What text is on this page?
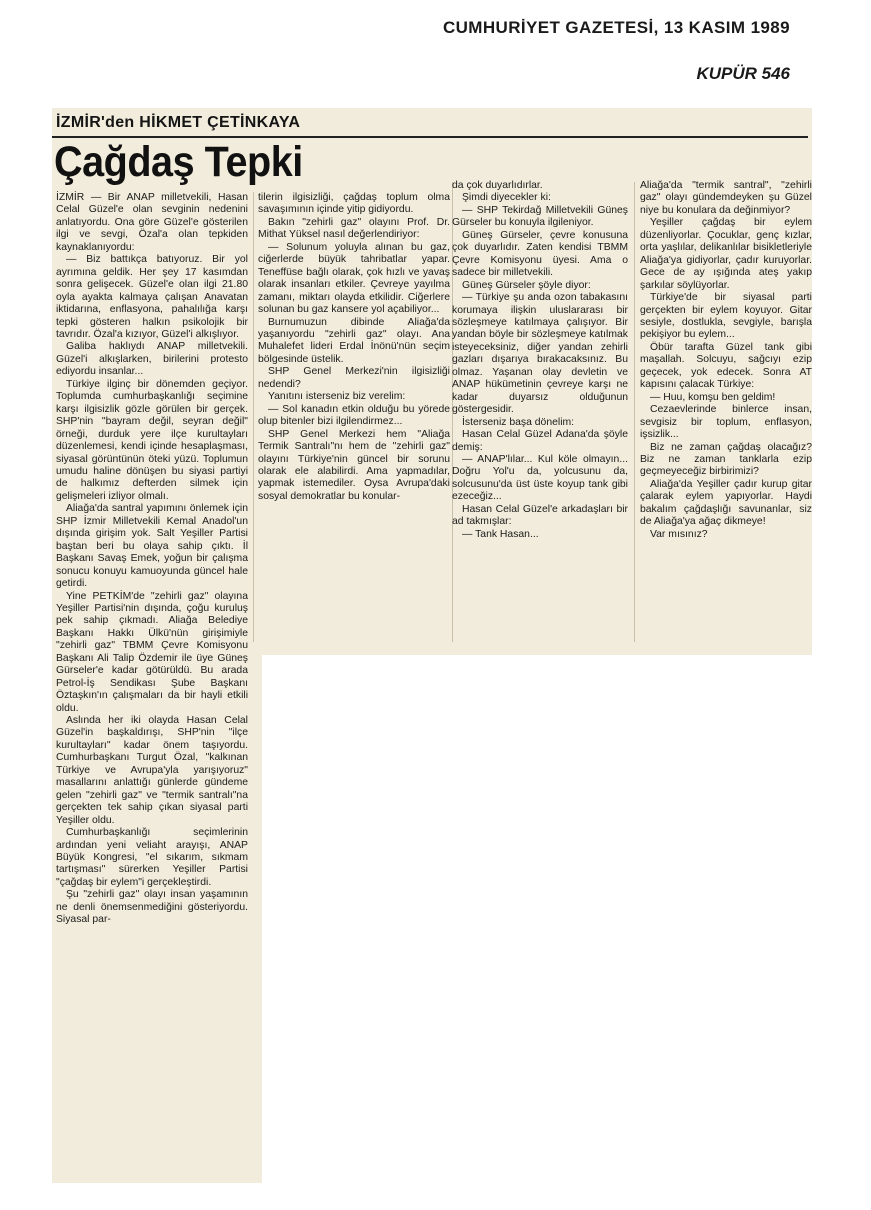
CUMHURİYET GAZETESİ, 13 KASIM 1989
KUPÜR 546
İZMİR'den HİKMET ÇETİNKAYA
Çağdaş Tepki

İZMİR — Bir ANAP milletvekili, Hasan Celal Güzel'e olan sevginin nedenini anlatıyordu. Ona göre Güzel'e gösterilen ilgi ve sevgi, Özal'a olan tepkiden kaynaklanıyordu:

— Biz battıkça batıyoruz. Bir yol ayrımına geldik. Her şey 17 kasımdan sonra gelişecek. Güzel'e olan ilgi 21.80 oyla ayakta kalmaya çalışan Anavatan iktidarına, enflasyona, pahalılığa karşı tepki gösteren halkın psikolojik bir tavrıdır. Özal'a kızıyor, Güzel'i alkışlıyor.

Galiba haklıydı ANAP milletvekili. Güzel'i alkışlarken, birilerini protesto ediyordu insanlar...

Türkiye ilginç bir dönemden geçiyor. Toplumda cumhurbaşkanlığı seçimine karşı ilgisizlik gözle görülen bir gerçek. SHP'nin "bayram değil, seyran değil" örneği, durduk yere ilçe kurultayları düzenlemesi, kendi içinde hesaplaşması, siyasal görüntünün öteki yüzü. Toplumun umudu haline dönüşen bu siyasi partiyi de halkımız defterden silmek için gelişmeleri izliyor olmalı.

Aliağa'da santral yapımını önlemek için SHP İzmir Milletvekili Kemal Anadol'un dışında girişim yok. Salt Yeşiller Partisi baştan beri bu olaya sahip çıktı. İl Başkanı Savaş Emek, yoğun bir çalışma sonucu konuyu kamuoyunda güncel hale getirdi.

Yine PETKİM'de "zehirli gaz" olayına Yeşiller Partisi'nin dışında, çoğu kuruluş pek sahip çıkmadı. Aliağa Belediye Başkanı Hakkı Ülkü'nün girişimiyle "zehirli gaz" TBMM Çevre Komisyonu Başkanı Ali Talip Özdemir ile üye Güneş Gürseler'e kadar götürüldü. Bu arada Petrol-İş Sendikası Şube Başkanı Öztaşkın'ın çalışmaları da bir hayli etkili oldu.

Aslında her iki olayda Hasan Celal Güzel'in başkaldırışı, SHP'nin "ilçe kurultayları" kadar önem taşıyordu. Cumhurbaşkanı Turgut Özal, "kalkınan Türkiye ve Avrupa'yla yarışıyoruz" masallarını anlattığı günlerde gündeme gelen "zehirli gaz" ve "termik santralı"na gerçekten tek sahip çıkan siyasal parti Yeşiller oldu.

Cumhurbaşkanlığı seçimlerinin ardından yeni veliaht arayışı, ANAP Büyük Kongresi, "el sıkarım, sıkmam tartışması" sürerken Yeşiller Partisi "çağdaş bir eylem"i gerçekleştirdi.

Şu "zehirli gaz" olayı insan yaşamının ne denli önemsenmediğini gösteriyordu. Siyasal par-

tilerin ilgisizliği, çağdaş toplum olma savaşımının içinde yitip gidiyordu.

Bakın "zehirli gaz" olayını Prof. Dr. Mithat Yüksel nasıl değerlendiriyor:

— Solunum yoluyla alınan bu gaz, ciğerlerde büyük tahribatlar yapar. Teneffüse bağlı olarak, çok hızlı ve yavaş olarak insanları etkiler. Çevreye yayılma zamanı, miktarı olayda etkilidir. Ciğerlere solunan bu gaz kansere yol açabiliyor...

Burnumuzun dibinde Aliağa'da yaşanıyordu "zehirli gaz" olayı. Ana Muhalefet lideri Erdal İnönü'nün seçim bölgesinde üstelik.

SHP Genel Merkezi'nin ilgisizliği nedendi?

Yanıtını isterseniz biz verelim:

— Sol kanadın etkin olduğu bu yörede olup bitenler bizi ilgilendirmez...

SHP Genel Merkezi hem "Aliağa Termik Santralı"nı hem de "zehirli gaz" olayını Türkiye'nin güncel bir sorunu olarak ele alabilirdi. Ama yapmadılar, yapmak istemediler. Oysa Avrupa'daki sosyal demokratlar bu konular-

da çok duyarlıdırlar.

Şimdi diyecekler ki:

— SHP Tekirdağ Milletvekili Güneş Gürseler bu konuyla ilgileniyor.

Güneş Gürseler, çevre konusuna çok duyarlıdır. Zaten kendisi TBMM Çevre Komisyonu üyesi. Ama o sadece bir milletvekili.

Güneş Gürseler şöyle diyor:

— Türkiye şu anda ozon tabakasını korumaya ilişkin uluslararası bir sözleşmeye katılmaya çalışıyor. Bir yandan böyle bir sözleşmeye katılmak isteyeceksiniz, diğer yandan zehirli gazları dışarıya bırakacaksınız. Bu olmaz. Yaşanan olay devletin ve ANAP hükümetinin çevreye karşı ne kadar duyarsız olduğunun göstergesidir.

İsterseniz başa dönelim:

Hasan Celal Güzel Adana'da şöyle demiş:

— ANAP'lılar... Kul köle olmayın... Doğru Yol'u da, yolcusunu da, solcusunu'da üst üste koyup tank gibi ezeceğiz...

Hasan Celal Güzel'e arkadaşları bir ad takmışlar:

— Tank Hasan...

Aliağa'da "termik santral", "zehirli gaz" olayı gündemdeyken şu Güzel niye bu konulara da değinmiyor?

Yeşiller çağdaş bir eylem düzenliyorlar. Çocuklar, genç kızlar, orta yaşlılar, delikanlılar bisikletleriyle Aliağa'ya gidiyorlar, çadır kuruyorlar. Gece de ay ışığında ateş yakıp şarkılar söylüyorlar.

Türkiye'de bir siyasal parti gerçekten bir eylem koyuyor. Gitar sesiyle, dostlukla, sevgiyle, barışla pekişiyor bu eylem...

Öbür tarafta Güzel tank gibi maşallah. Solcuyu, sağcıyı ezip geçecek, yok edecek. Sonra AT kapısını çalacak Türkiye:

— Huu, komşu ben geldim!

Cezaevlerinde binlerce insan, sevgisiz bir toplum, enflasyon, işsizlik...

Biz ne zaman çağdaş olacağız? Biz ne zaman tanklarla ezip geçmeyeceğiz birbirimizi?

Aliağa'da Yeşiller çadır kurup gitar çalarak eylem yapıyorlar. Haydi bakalım çağdaşlığı savunanlar, siz de Aliağa'ya ağaç dikmeye!

Var mısınız?
